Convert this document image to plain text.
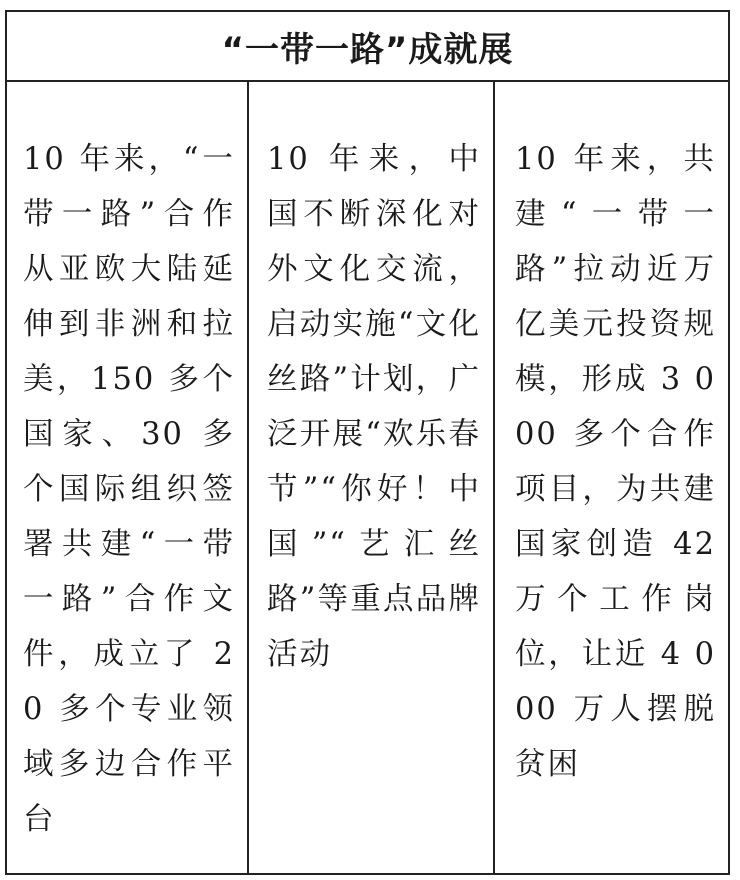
“一带一路”成就展

10 年来，“一带一路”合作从亚欧大陆延伸到非洲和拉美，150 多个国家、30 多个国际组织签署共建“一带一路”合作文件，成立了 20 多个专业领域多边合作平台

10 年来，中国不断深化对外文化交流，启动实施“文化丝路”计划，广泛开展“欢乐春节”“你好！中国”“艺汇丝路”等重点品牌活动

10 年来，共建“一带一路”拉动近万亿美元投资规模，形成 3 000 多个合作项目，为共建国家创造 42 万个工作岗位，让近 4 000 万人摆脱贫困
